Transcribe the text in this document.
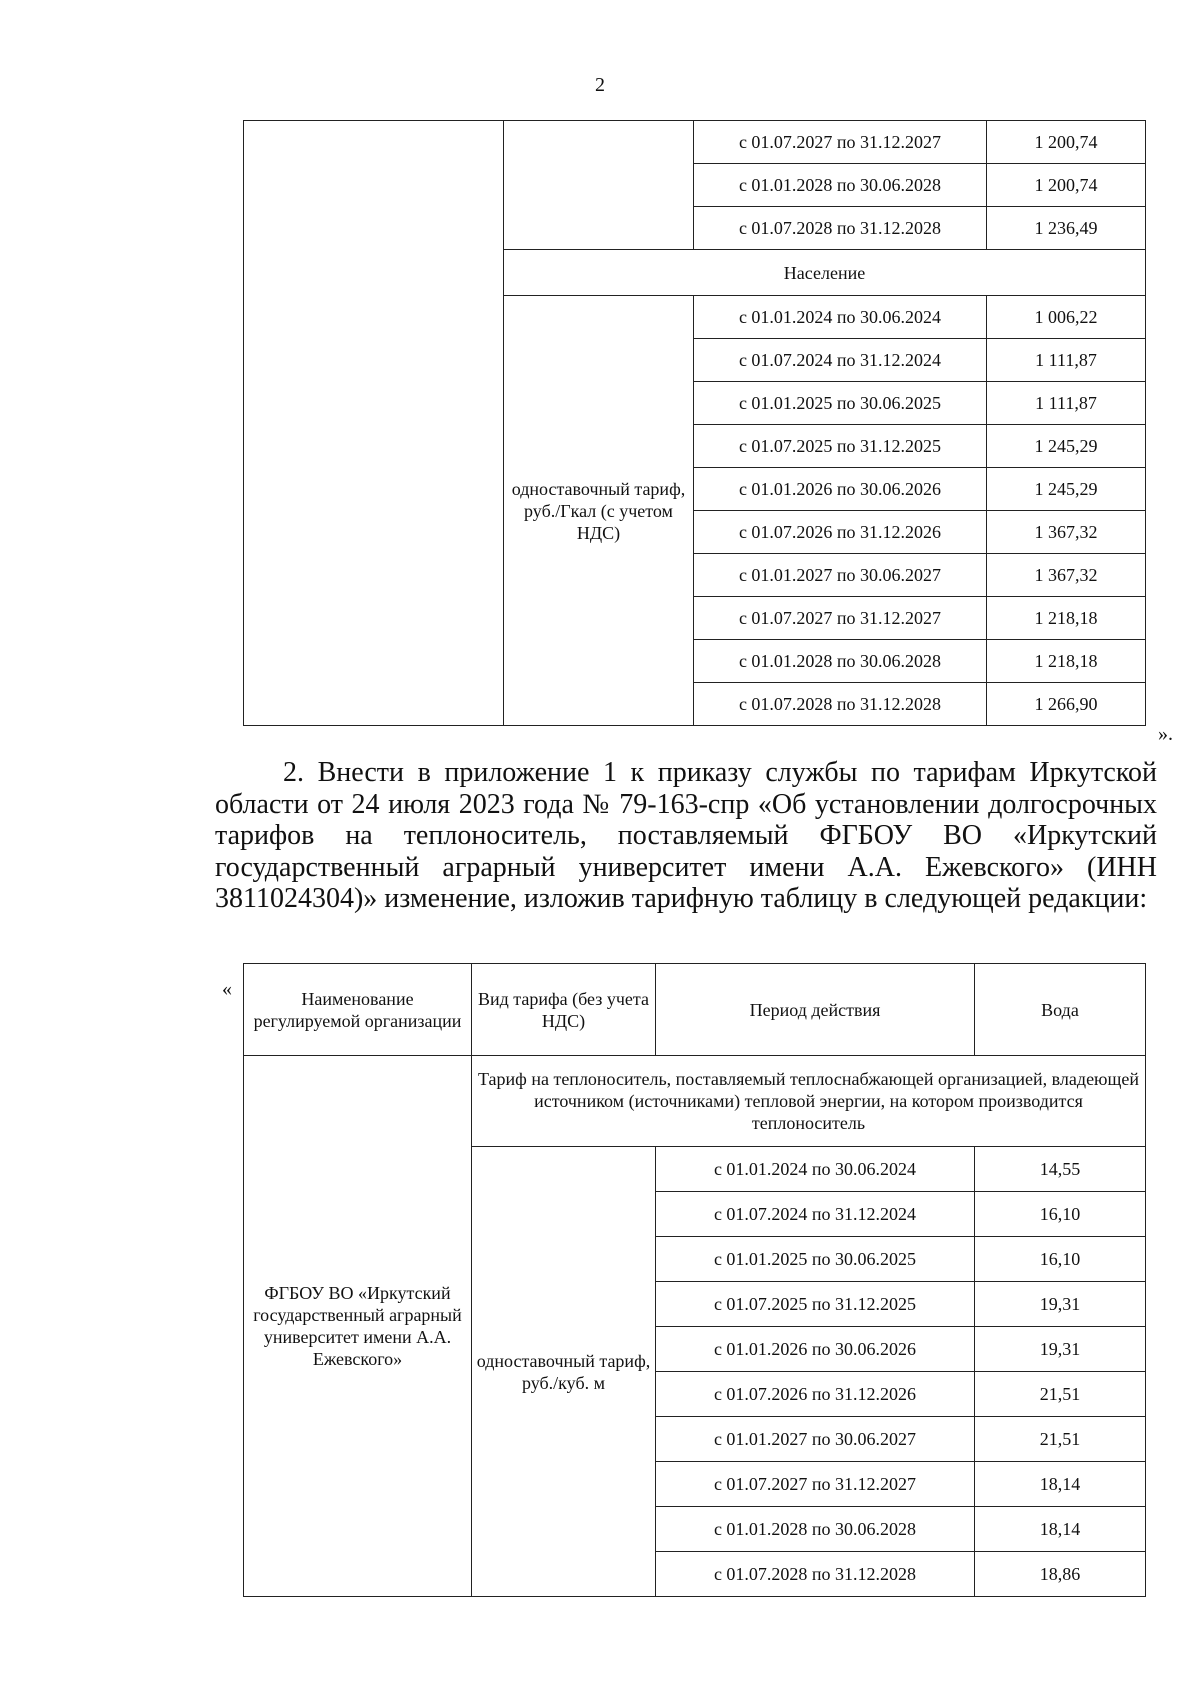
2
		с 01.07.2027 по 31.12.2027	1 200,74
		с 01.01.2028 по 30.06.2028	1 200,74
		с 01.07.2028 по 31.12.2028	1 236,49
	Население		
	одноставочный тариф, руб./Гкал (с учетом НДС)	с 01.01.2024 по 30.06.2024	1 006,22
		с 01.07.2024 по 31.12.2024	1 111,87
		с 01.01.2025 по 30.06.2025	1 111,87
		с 01.07.2025 по 31.12.2025	1 245,29
		с 01.01.2026 по 30.06.2026	1 245,29
		с 01.07.2026 по 31.12.2026	1 367,32
		с 01.01.2027 по 30.06.2027	1 367,32
		с 01.07.2027 по 31.12.2027	1 218,18
		с 01.01.2028 по 30.06.2028	1 218,18
		с 01.07.2028 по 31.12.2028	1 266,90
».

2. Внести в приложение 1 к приказу службы по тарифам Иркутской области от 24 июля 2023 года № 79-163-спр «Об установлении долгосрочных тарифов на теплоноситель, поставляемый ФГБОУ ВО «Иркутский государственный аграрный университет имени А.А. Ежевского» (ИНН 3811024304)» изменение, изложив тарифную таблицу в следующей редакции:

«	Наименование регулируемой организации	Вид тарифа (без учета НДС)	Период действия	Вода
ФГБОУ ВО «Иркутский государственный аграрный университет имени А.А. Ежевского»	Тариф на теплоноситель, поставляемый теплоснабжающей организацией, владеющей источником (источниками) тепловой энергии, на котором производится теплоноситель		
	одноставочный тариф, руб./куб. м	с 01.01.2024 по 30.06.2024	14,55
		с 01.07.2024 по 31.12.2024	16,10
		с 01.01.2025 по 30.06.2025	16,10
		с 01.07.2025 по 31.12.2025	19,31
		с 01.01.2026 по 30.06.2026	19,31
		с 01.07.2026 по 31.12.2026	21,51
		с 01.01.2027 по 30.06.2027	21,51
		с 01.07.2027 по 31.12.2027	18,14
		с 01.01.2028 по 30.06.2028	18,14
		с 01.07.2028 по 31.12.2028	18,86
